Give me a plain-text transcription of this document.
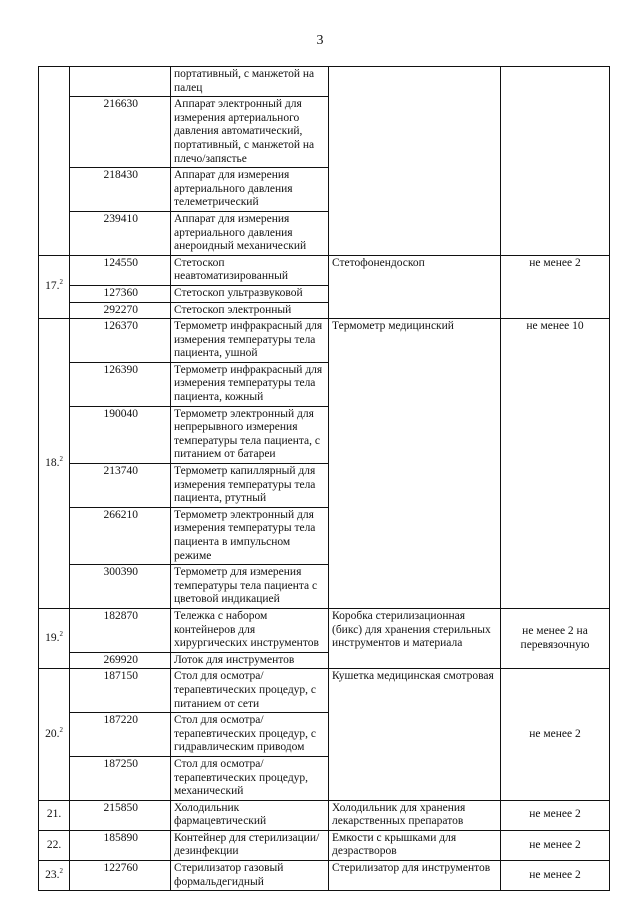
3
		портативный, с манжетой на палец		
	216630	Аппарат электронный для измерения артериального давления автоматический, портативный, с манжетой на плечо/запястье		
	218430	Аппарат для измерения артериального давления телеметрический		
	239410	Аппарат для измерения артериального давления анероидный механический		
17.$^2$	124550	Стетоскоп неавтоматизированный	Стетофонендоскоп	не менее 2
	127360	Стетоскоп ультразвуковой		
	292270	Стетоскоп электронный		
18.$^2$	126370	Термометр инфракрасный для измерения температуры тела пациента, ушной	Термометр медицинский	не менее 10
	126390	Термометр инфракрасный для измерения температуры тела пациента, кожный		
	190040	Термометр электронный для непрерывного измерения температуры тела пациента, с питанием от батареи		
	213740	Термометр капиллярный для измерения температуры тела пациента, ртутный		
	266210	Термометр электронный для измерения температуры тела пациента в импульсном режиме		
	300390	Термометр для измерения температуры тела пациента с цветовой индикацией		
19.$^2$	182870	Тележка с набором контейнеров для хирургических инструментов	Коробка стерилизационная (бикс) для хранения стерильных инструментов и материала	не менее 2 на перевязочную
	269920	Лоток для инструментов		
20.$^2$	187150	Стол для осмотра/терапевтических процедур, с питанием от сети	Кушетка медицинская смотровая	не менее 2
	187220	Стол для осмотра/терапевтических процедур, с гидравлическим приводом		
	187250	Стол для осмотра/терапевтических процедур, механический		
21.	215850	Холодильник фармацевтический	Холодильник для хранения лекарственных препаратов	не менее 2
22.	185890	Контейнер для стерилизации/дезинфекции	Емкости с крышками для дезрастворов	не менее 2
23.$^2$	122760	Стерилизатор газовый формальдегидный	Стерилизатор для инструментов	не менее 2
